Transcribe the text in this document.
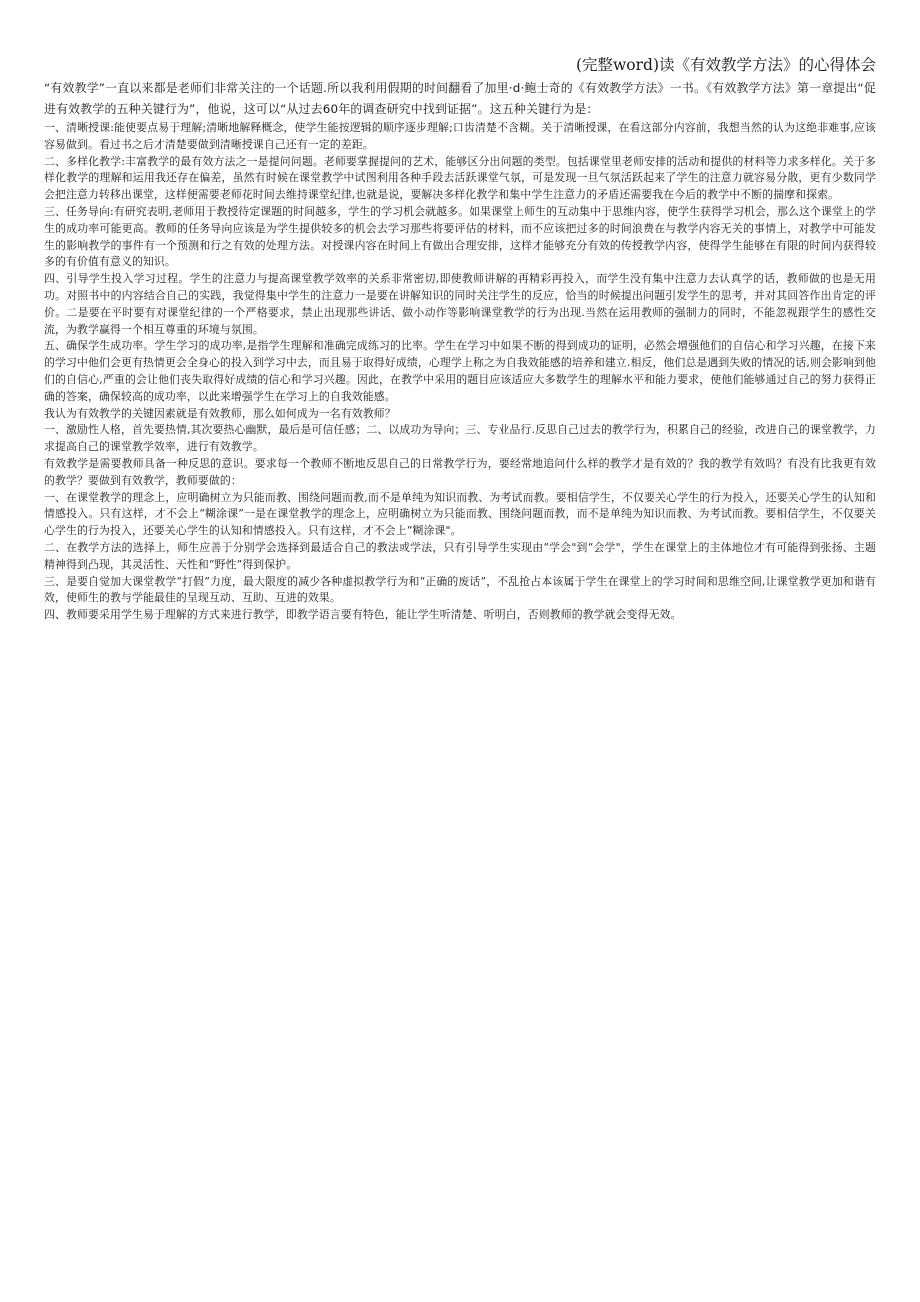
(完整word)读《有效教学方法》的心得体会

“有效教学”一直以来都是老师们非常关注的一个话题.所以我利用假期的时间翻看了加里·d·鲍士奇的《有效教学方法》一书。《有效教学方法》第一章提出“促进有效教学的五种关键行为”，他说，这可以“从过去60年的调查研究中找到证据”。这五种关键行为是：

一、清晰授课:能使要点易于理解;清晰地解释概念，使学生能按逻辑的顺序逐步理解;口齿清楚不含糊。关于清晰授课，在看这部分内容前，我想当然的认为这绝非难事,应该容易做到。看过书之后才清楚要做到清晰授课自己还有一定的差距。

二、多样化教学:丰富教学的最有效方法之一是提问问题。老师要掌握提问的艺术，能够区分出问题的类型。包括课堂里老师安排的活动和提供的材料等力求多样化。关于多样化教学的理解和运用我还存在偏差，虽然有时候在课堂教学中试图利用各种手段去活跃课堂气氛，可是发现一旦气氛活跃起来了学生的注意力就容易分散，更有少数同学会把注意力转移出课堂，这样便需要老师花时间去维持课堂纪律,也就是说，要解决多样化教学和集中学生注意力的矛盾还需要我在今后的教学中不断的揣摩和探索。

三、任务导向:有研究表明,老师用于教授待定课题的时间越多，学生的学习机会就越多。如果课堂上师生的互动集中于思维内容，使学生获得学习机会，那么这个课堂上的学生的成功率可能更高。教师的任务导向应该是为学生提供较多的机会去学习那些将要评估的材料，而不应该把过多的时间浪费在与教学内容无关的事情上，对教学中可能发生的影响教学的事件有一个预测和行之有效的处理方法。对授课内容在时间上有做出合理安排，这样才能够充分有效的传授教学内容，使得学生能够在有限的时间内获得较多的有价值有意义的知识。

四、引导学生投入学习过程。学生的注意力与提高课堂教学效率的关系非常密切,即使教师讲解的再精彩再投入，而学生没有集中注意力去认真学的话，教师做的也是无用功。对照书中的内容结合自己的实践，我觉得集中学生的注意力一是要在讲解知识的同时关注学生的反应，恰当的时候提出问题引发学生的思考，并对其回答作出肯定的评价。二是要在平时要有对课堂纪律的一个严格要求，禁止出现那些讲话、做小动作等影响课堂教学的行为出现.当然在运用教师的强制力的同时，不能忽视跟学生的感性交流，为教学赢得一个相互尊重的环境与氛围。

五、确保学生成功率。学生学习的成功率,是指学生理解和准确完成练习的比率。学生在学习中如果不断的得到成功的证明，必然会增强他们的自信心和学习兴趣，在接下来的学习中他们会更有热情更会全身心的投入到学习中去，而且易于取得好成绩，心理学上称之为自我效能感的培养和建立.相反，他们总是遇到失败的情况的话,则会影响到他们的自信心,严重的会让他们丧失取得好成绩的信心和学习兴趣。因此，在教学中采用的题目应该适应大多数学生的理解水平和能力要求，使他们能够通过自己的努力获得正确的答案，确保较高的成功率，以此来增强学生在学习上的自我效能感。

我认为有效教学的关键因素就是有效教师，那么如何成为一名有效教师？

一、激励性人格，首先要热情,其次要热心幽默，最后是可信任感；二、以成功为导向；三、专业品行.反思自己过去的教学行为，积累自己的经验，改进自己的课堂教学，力求提高自己的课堂教学效率，进行有效教学。

有效教学是需要教师具备一种反思的意识。要求每一个教师不断地反思自己的日常教学行为，要经常地追问什么样的教学才是有效的？我的教学有效吗？有没有比我更有效的教学？要做到有效教学，教师要做的：

一、在课堂教学的理念上，应明确树立为只能而教、围绕问题而教,而不是单纯为知识而教、为考试而教。要相信学生，不仅要关心学生的行为投入，还要关心学生的认知和情感投入。只有这样，才不会上“糊涂课”一是在课堂教学的理念上，应明确树立为只能而教、围绕问题而教，而不是单纯为知识而教、为考试而教。要相信学生，不仅要关心学生的行为投入，还要关心学生的认知和情感投入。只有这样，才不会上“糊涂课"。

二、在教学方法的选择上，师生应善于分别学会选择到最适合自己的教法或学法，只有引导学生实现由“学会"到“会学"，学生在课堂上的主体地位才有可能得到张扬、主题精神得到凸现，其灵活性、天性和“野性”得到保护。

三、是要自觉加大课堂教学“打假”力度，最大限度的减少各种虚拟教学行为和“正确的废话”，不乱抢占本该属于学生在课堂上的学习时间和思维空间,让课堂教学更加和谐有效，使师生的教与学能最佳的呈现互动、互助、互进的效果。

四、教师要采用学生易于理解的方式来进行教学，即教学语言要有特色，能让学生听清楚、听明白，否则教师的教学就会变得无效。
